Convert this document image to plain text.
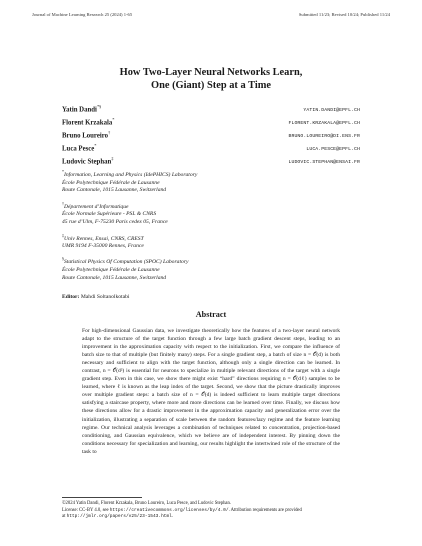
Journal of Machine Learning Research 25 (2024) 1-65	Submitted 11/23; Revised 10/24; Published 11/24
How Two-Layer Neural Networks Learn,
One (Giant) Step at a Time
Yatin Dandi*§
YATIN.DANDI@EPFL.CH
Florent Krzakala*
FLORENT.KRZAKALA@EPFL.CH
Bruno Loureiro†
BRUNO.LOUREIRO@DI.ENS.FR
Luca Pesce*
LUCA.PESCE@EPFL.CH
Ludovic Stephan‡
LUDOVIC.STEPHAN@ENSAI.FR
*Information, Learning and Physics (IdePHICS) Laboratory
École Polytechnique Fédérale de Lausanne
Route Cantonale, 1015 Lausanne, Switzerland
†Département d’Informatique
École Normale Supérieure - PSL & CNRS
45 rue d’Ulm, F-75230 Paris cedex 05, France
‡Univ Rennes, Ensai, CNRS, CREST
UMR 9194 F-35000 Rennes, France
§Statistical Physics Of Computation (SPOC) Laboratory
École Polytechnique Fédérale de Lausanne
Route Cantonale, 1015 Lausanne, Switzerland
Editor: Mahdi Soltanolkotabi
Abstract

For high-dimensional Gaussian data, we investigate theoretically how the features of a two-layer neural network adapt to the structure of the target function through a few large batch gradient descent steps, leading to an improvement in the approximation capacity with respect to the initialization. First, we compare the influence of batch size to that of multiple (but finitely many) steps. For a single gradient step, a batch of size n = 𝒪(d) is both necessary and sufficient to align with the target function, although only a single direction can be learned. In contrast, n = 𝒪(d²) is essential for neurons to specialize in multiple relevant directions of the target with a single gradient step. Even in this case, we show there might exist “hard” directions requiring n = 𝒪(dℓ) samples to be learned, where ℓ is known as the leap index of the target. Second, we show that the picture drastically improves over multiple gradient steps: a batch size of n = 𝒪(d) is indeed sufficient to learn multiple target directions satisfying a staircase property, where more and more directions can be learned over time. Finally, we discuss how these directions allow for a drastic improvement in the approximation capacity and generalization error over the initialization, illustrating a separation of scale between the random features/lazy regime and the feature learning regime. Our technical analysis leverages a combination of techniques related to concentration, projection-based conditioning, and Gaussian equivalence, which we believe are of independent interest. By pinning down the conditions necessary for specialization and learning, our results highlight the intertwined role of the structure of the task to

©2024 Yatin Dandi, Florent Krzakala, Bruno Loureiro, Luca Pesce, and Ludovic Stephan.

License: CC-BY 4.0, see https://creativecommons.org/licenses/by/4.0/. Attribution requirements are provided
at http://jmlr.org/papers/v25/23-1543.html.
